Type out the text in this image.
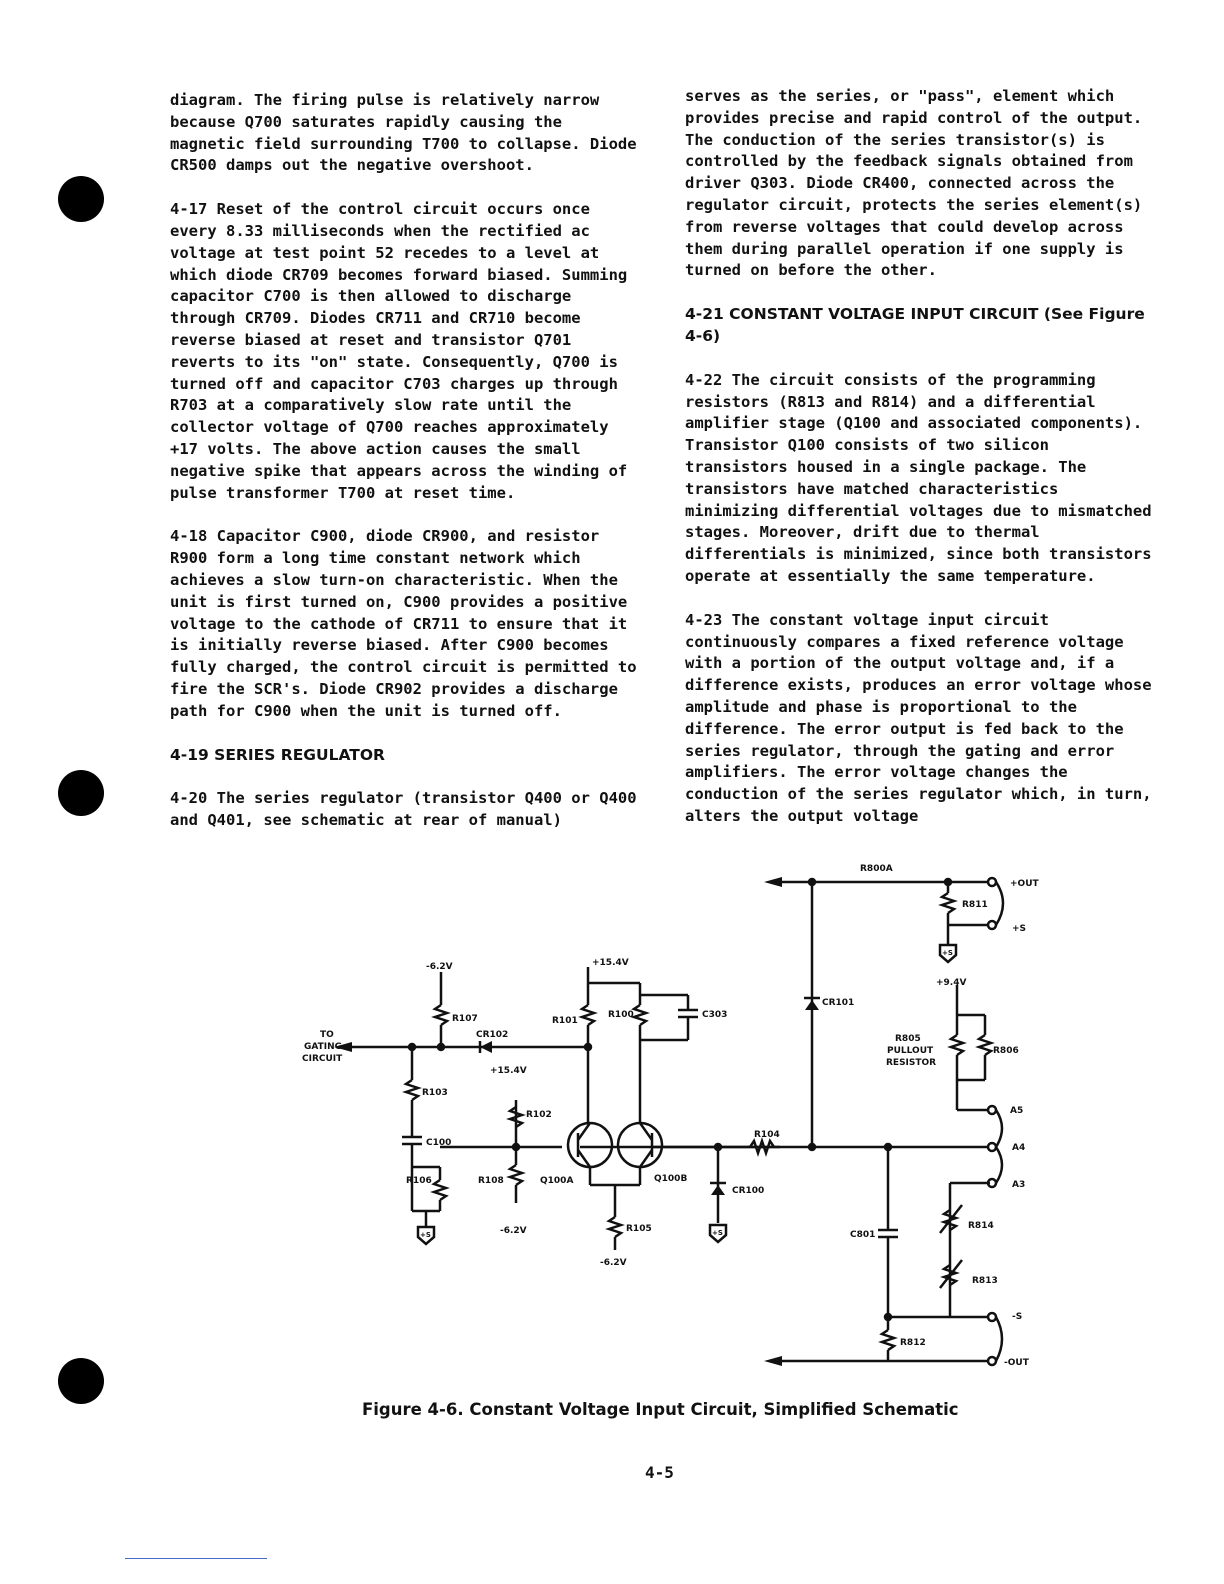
diagram. The firing pulse is relatively narrow because Q700 saturates rapidly causing the magnetic field surrounding T700 to collapse. Diode CR500 damps out the negative overshoot.

4-17 Reset of the control circuit occurs once every 8.33 milliseconds when the rectified ac voltage at test point 52 recedes to a level at which diode CR709 becomes forward biased. Summing capacitor C700 is then allowed to discharge through CR709. Diodes CR711 and CR710 become reverse biased at reset and transistor Q701 reverts to its "on" state. Consequently, Q700 is turned off and capacitor C703 charges up through R703 at a comparatively slow rate until the collector voltage of Q700 reaches approximately +17 volts. The above action causes the small negative spike that appears across the winding of pulse transformer T700 at reset time.

4-18 Capacitor C900, diode CR900, and resistor R900 form a long time constant network which achieves a slow turn-on characteristic. When the unit is first turned on, C900 provides a positive voltage to the cathode of CR711 to ensure that it is initially reverse biased. After C900 becomes fully charged, the control circuit is permitted to fire the SCR's. Diode CR902 provides a discharge path for C900 when the unit is turned off.

4-19 SERIES REGULATOR

4-20 The series regulator (transistor Q400 or Q400 and Q401, see schematic at rear of manual)

serves as the series, or "pass", element which provides precise and rapid control of the output. The conduction of the series transistor(s) is controlled by the feedback signals obtained from driver Q303. Diode CR400, connected across the regulator circuit, protects the series element(s) from reverse voltages that could develop across them during parallel operation if one supply is turned on before the other.

4-21 CONSTANT VOLTAGE INPUT CIRCUIT (See Figure 4-6)

4-22 The circuit consists of the programming resistors (R813 and R814) and a differential amplifier stage (Q100 and associated components). Transistor Q100 consists of two silicon transistors housed in a single package. The transistors have matched characteristics minimizing differential voltages due to mismatched stages. Moreover, drift due to thermal differentials is minimized, since both transistors operate at essentially the same temperature.

4-23 The constant voltage input circuit continuously compares a fixed reference voltage with a portion of the output voltage and, if a difference exists, produces an error voltage whose amplitude and phase is proportional to the difference. The error output is fed back to the series regulator, through the gating and error amplifiers. The error voltage changes the conduction of the series regulator which, in turn, alters the output voltage

R800A
+OUT
R811
+S
+S
+9.4V
CR101
R805
PULLOUT
RESISTOR
R806
A5
A4
A3
R814
C801
R813
-S
R812
-OUT
-6.2V	+15.4V
R107	R101
R100	C303
CR102
TO
GATING
CIRCUIT
+15.4V
R103
R102
C100
R104
R106	R108	Q100A	Q100B
CR100
-6.2V	R105
-6.2V
+S	+S
Figure 4-6. Constant Voltage Input Circuit, Simplified Schematic
4-5
